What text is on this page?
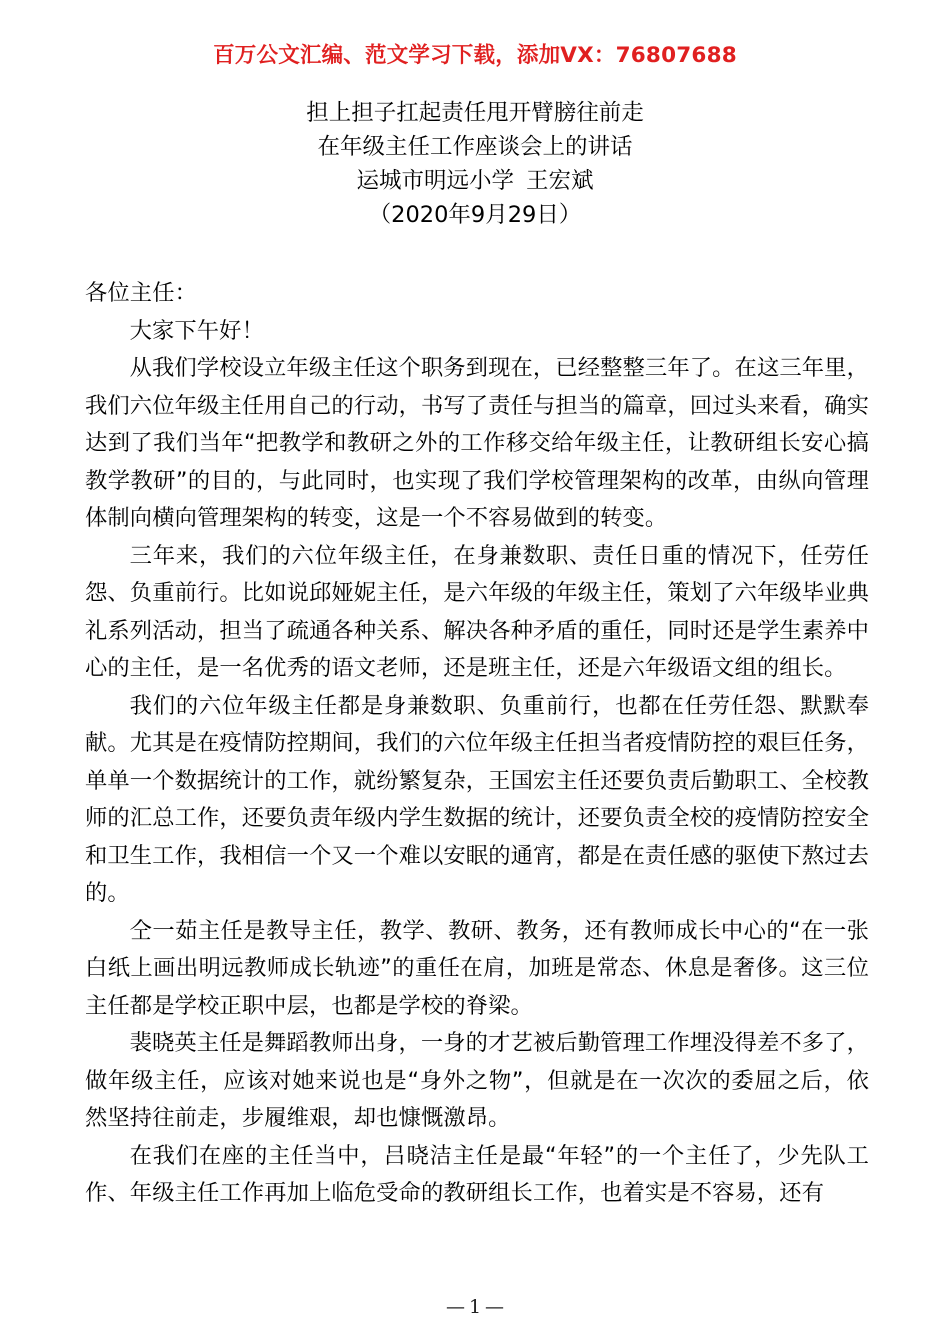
百万公文汇编、范文学习下载，添加VX：76807688
担上担子扛起责任甩开臂膀往前走
在年级主任工作座谈会上的讲话
运城市明远小学 王宏斌
（2020年9月29日）

各位主任：

大家下午好！

从我们学校设立年级主任这个职务到现在，已经整整三年了。在这三年里，我们六位年级主任用自己的行动，书写了责任与担当的篇章，回过头来看，确实达到了我们当年“把教学和教研之外的工作移交给年级主任，让教研组长安心搞教学教研”的目的，与此同时，也实现了我们学校管理架构的改革，由纵向管理体制向横向管理架构的转变，这是一个不容易做到的转变。

三年来，我们的六位年级主任，在身兼数职、责任日重的情况下，任劳任怨、负重前行。比如说邱娅妮主任，是六年级的年级主任，策划了六年级毕业典礼系列活动，担当了疏通各种关系、解决各种矛盾的重任，同时还是学生素养中心的主任，是一名优秀的语文老师，还是班主任，还是六年级语文组的组长。

我们的六位年级主任都是身兼数职、负重前行，也都在任劳任怨、默默奉献。尤其是在疫情防控期间，我们的六位年级主任担当者疫情防控的艰巨任务，单单一个数据统计的工作，就纷繁复杂，王国宏主任还要负责后勤职工、全校教师的汇总工作，还要负责年级内学生数据的统计，还要负责全校的疫情防控安全和卫生工作，我相信一个又一个难以安眠的通宵，都是在责任感的驱使下熬过去的。

仝一茹主任是教导主任，教学、教研、教务，还有教师成长中心的“在一张白纸上画出明远教师成长轨迹”的重任在肩，加班是常态、休息是奢侈。这三位主任都是学校正职中层，也都是学校的脊梁。

裴晓英主任是舞蹈教师出身，一身的才艺被后勤管理工作埋没得差不多了，做年级主任，应该对她来说也是“身外之物”，但就是在一次次的委屈之后，依然坚持往前走，步履维艰，却也慷慨激昂。

在我们在座的主任当中，吕晓洁主任是最“年轻”的一个主任了，少先队工作、年级主任工作再加上临危受命的教研组长工作，也着实是不容易，还有

— 1 —
